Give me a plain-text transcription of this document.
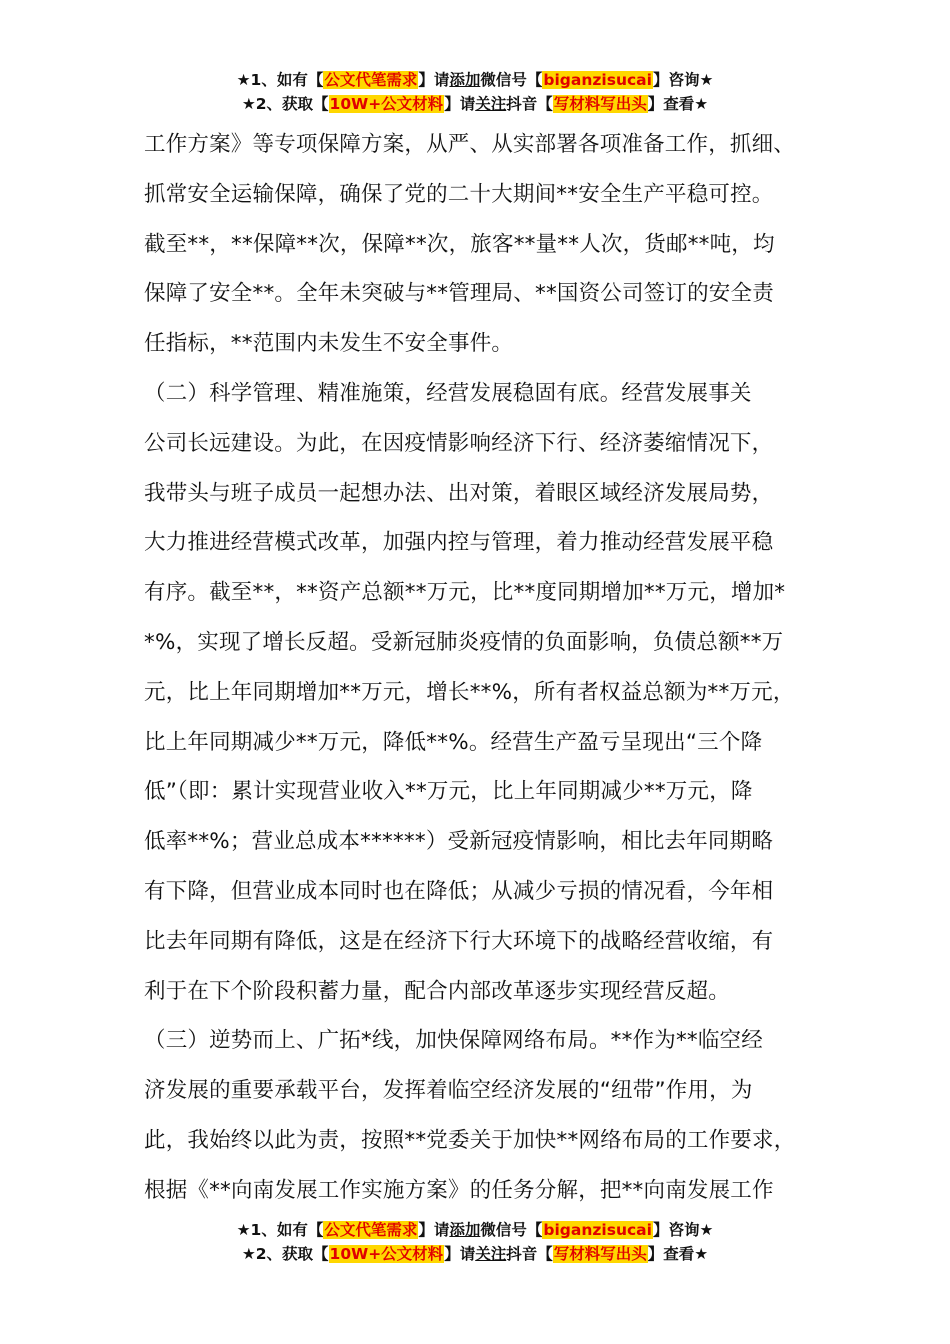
★1、如有【公文代笔需求】请添加微信号【biganzisucai】咨询★
★2、获取【10W+公文材料】请关注抖音【写材料写出头】查看★
工作方案》等专项保障方案，从严、从实部署各项准备工作，抓细、
抓常安全运输保障，确保了党的二十大期间**安全生产平稳可控。
截至**，**保障**次，保障**次，旅客**量**人次，货邮**吨，均
保障了安全**。全年未突破与**管理局、**国资公司签订的安全责
任指标，**范围内未发生不安全事件。
（二）科学管理、精准施策，经营发展稳固有底。经营发展事关
公司长远建设。为此，在因疫情影响经济下行、经济萎缩情况下，
我带头与班子成员一起想办法、出对策，着眼区域经济发展局势，
大力推进经营模式改革，加强内控与管理，着力推动经营发展平稳
有序。截至**，**资产总额**万元，比**度同期增加**万元，增加*
*%，实现了增长反超。受新冠肺炎疫情的负面影响，负债总额**万
元，比上年同期增加**万元，增长**%，所有者权益总额为**万元，
比上年同期减少**万元，降低**%。经营生产盈亏呈现出“三个降
低”（即：累计实现营业收入**万元，比上年同期减少**万元，降
低率**%；营业总成本******）受新冠疫情影响，相比去年同期略
有下降，但营业成本同时也在降低；从减少亏损的情况看，今年相
比去年同期有降低，这是在经济下行大环境下的战略经营收缩，有
利于在下个阶段积蓄力量，配合内部改革逐步实现经营反超。
（三）逆势而上、广拓*线，加快保障网络布局。**作为**临空经
济发展的重要承载平台，发挥着临空经济发展的“纽带”作用，为
此，我始终以此为责，按照**党委关于加快**网络布局的工作要求，
根据《**向南发展工作实施方案》的任务分解，把**向南发展工作
★1、如有【公文代笔需求】请添加微信号【biganzisucai】咨询★
★2、获取【10W+公文材料】请关注抖音【写材料写出头】查看★
